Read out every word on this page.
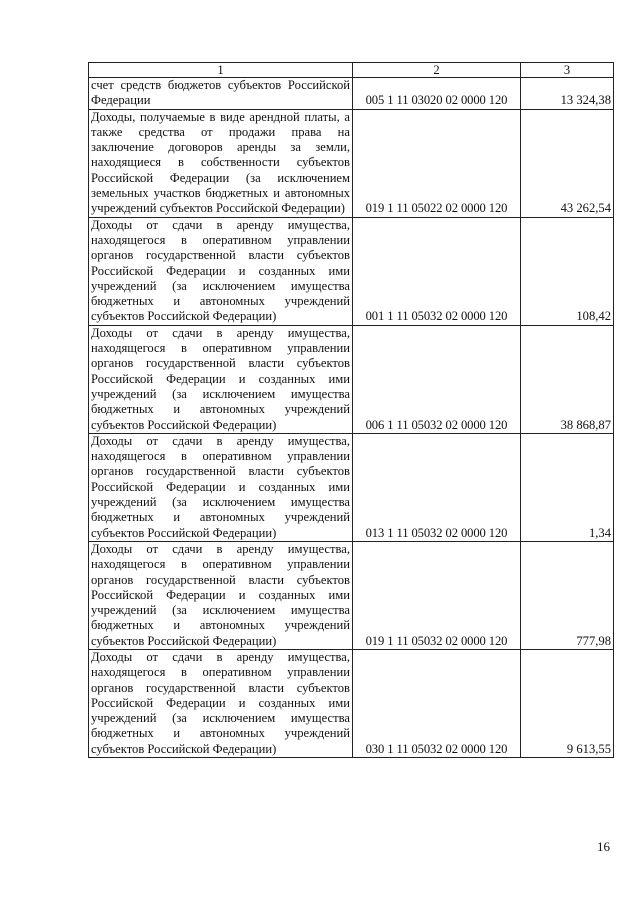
1	2	3
счет средств бюджетов субъектов Российской Федерации	005 1 11 03020 02 0000 120	13 324,38
Доходы, получаемые в виде арендной платы, а также средства от продажи права на заключение договоров аренды за земли, находящиеся в собственности субъектов Российской Федерации (за исключением земельных участков бюджетных и автономных учреждений субъектов Российской Федерации)	019 1 11 05022 02 0000 120	43 262,54
Доходы от сдачи в аренду имущества, находящегося в оперативном управлении органов государственной власти субъектов Российской Федерации и созданных ими учреждений (за исключением имущества бюджетных и автономных учреждений субъектов Российской Федерации)	001 1 11 05032 02 0000 120	108,42
Доходы от сдачи в аренду имущества, находящегося в оперативном управлении органов государственной власти субъектов Российской Федерации и созданных ими учреждений (за исключением имущества бюджетных и автономных учреждений субъектов Российской Федерации)	006 1 11 05032 02 0000 120	38 868,87
Доходы от сдачи в аренду имущества, находящегося в оперативном управлении органов государственной власти субъектов Российской Федерации и созданных ими учреждений (за исключением имущества бюджетных и автономных учреждений субъектов Российской Федерации)	013 1 11 05032 02 0000 120	1,34
Доходы от сдачи в аренду имущества, находящегося в оперативном управлении органов государственной власти субъектов Российской Федерации и созданных ими учреждений (за исключением имущества бюджетных и автономных учреждений субъектов Российской Федерации)	019 1 11 05032 02 0000 120	777,98
Доходы от сдачи в аренду имущества, находящегося в оперативном управлении органов государственной власти субъектов Российской Федерации и созданных ими учреждений (за исключением имущества бюджетных и автономных учреждений субъектов Российской Федерации)	030 1 11 05032 02 0000 120	9 613,55
16
